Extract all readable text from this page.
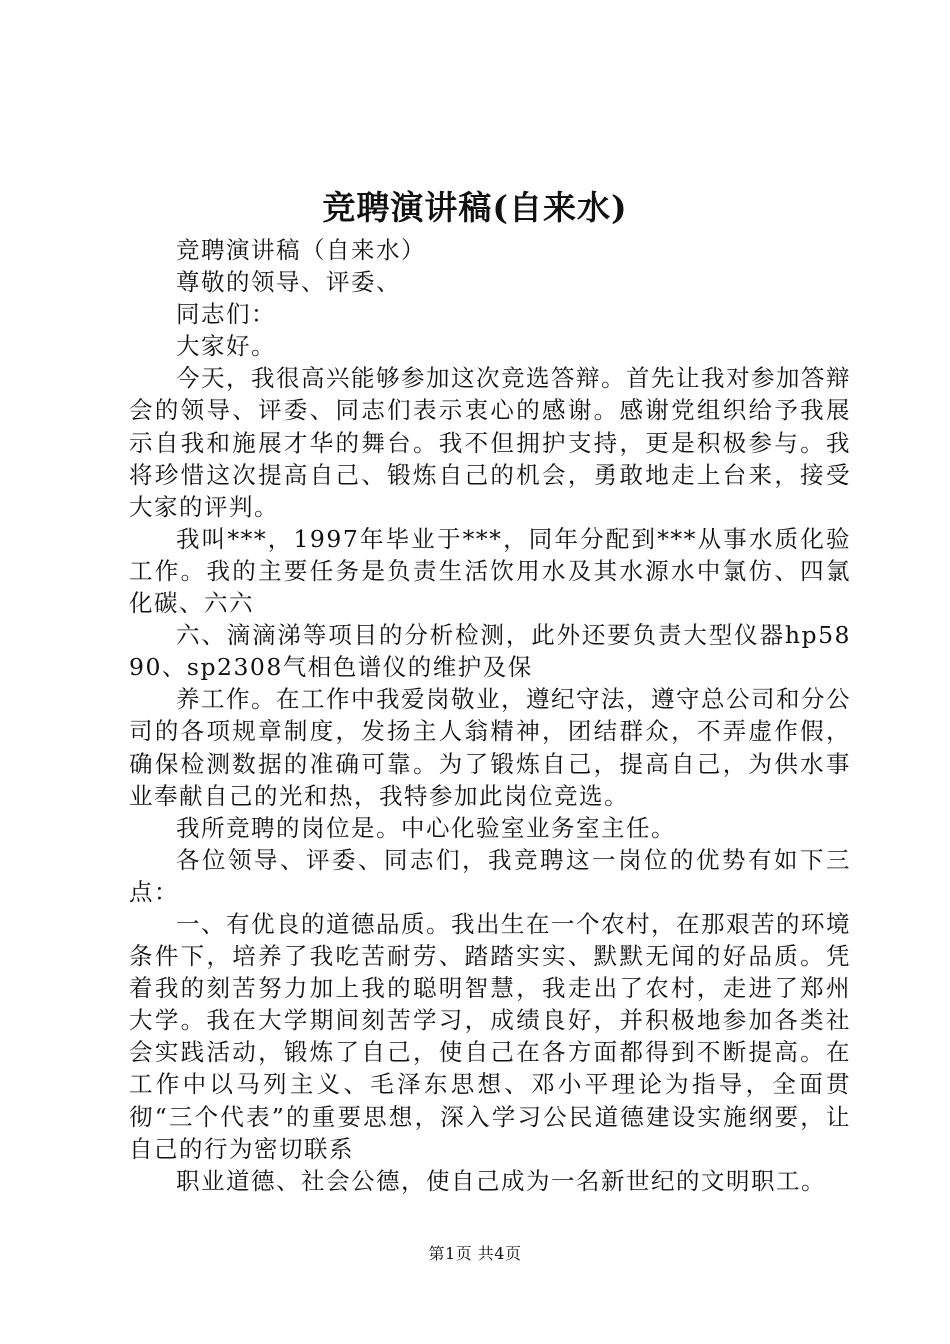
竞聘演讲稿(自来水)

竞聘演讲稿（自来水）

尊敬的领导、评委、

同志们：

大家好。

今天，我很高兴能够参加这次竞选答辩。首先让我对参加答辩会的领导、评委、同志们表示衷心的感谢。感谢党组织给予我展示自我和施展才华的舞台。我不但拥护支持，更是积极参与。我将珍惜这次提高自己、锻炼自己的机会，勇敢地走上台来，接受大家的评判。

我叫***，1997年毕业于***，同年分配到***从事水质化验工作。我的主要任务是负责生活饮用水及其水源水中氯仿、四氯化碳、六六

六、滴滴涕等项目的分析检测，此外还要负责大型仪器hp5890、sp2308气相色谱仪的维护及保

养工作。在工作中我爱岗敬业，遵纪守法，遵守总公司和分公司的各项规章制度，发扬主人翁精神，团结群众，不弄虚作假，确保检测数据的准确可靠。为了锻炼自己，提高自己，为供水事业奉献自己的光和热，我特参加此岗位竞选。

我所竞聘的岗位是。中心化验室业务室主任。

各位领导、评委、同志们，我竞聘这一岗位的优势有如下三点：

一、有优良的道德品质。我出生在一个农村，在那艰苦的环境条件下，培养了我吃苦耐劳、踏踏实实、默默无闻的好品质。凭着我的刻苦努力加上我的聪明智慧，我走出了农村，走进了郑州大学。我在大学期间刻苦学习，成绩良好，并积极地参加各类社会实践活动，锻炼了自己，使自己在各方面都得到不断提高。在工作中以马列主义、毛泽东思想、邓小平理论为指导，全面贯彻“三个代表”的重要思想，深入学习公民道德建设实施纲要，让自己的行为密切联系

职业道德、社会公德，使自己成为一名新世纪的文明职工。

第1页 共4页
